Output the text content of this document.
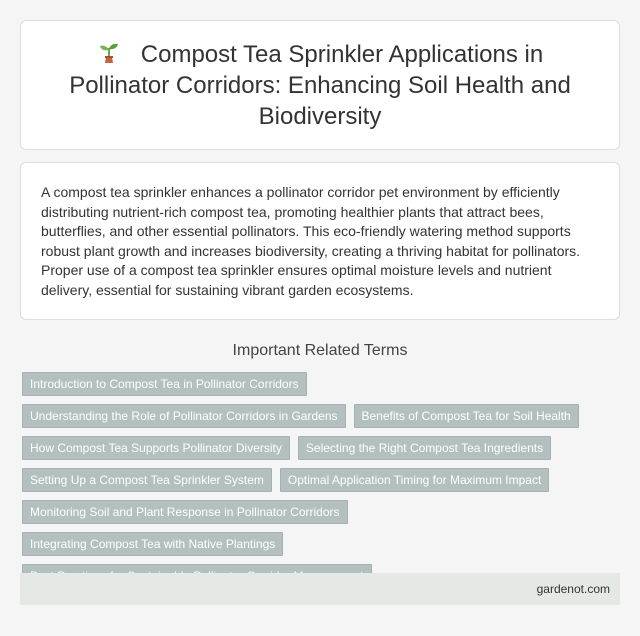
Compost Tea Sprinkler Applications in Pollinator Corridors: Enhancing Soil Health and Biodiversity

A compost tea sprinkler enhances a pollinator corridor pet environment by efficiently distributing nutrient-rich compost tea, promoting healthier plants that attract bees, butterflies, and other essential pollinators. This eco-friendly watering method supports robust plant growth and increases biodiversity, creating a thriving habitat for pollinators. Proper use of a compost tea sprinkler ensures optimal moisture levels and nutrient delivery, essential for sustaining vibrant garden ecosystems.

Important Related Terms
Introduction to Compost Tea in Pollinator Corridors
Understanding the Role of Pollinator Corridors in Gardens	Benefits of Compost Tea for Soil Health
How Compost Tea Supports Pollinator Diversity	Selecting the Right Compost Tea Ingredients
Setting Up a Compost Tea Sprinkler System	Optimal Application Timing for Maximum Impact
Monitoring Soil and Plant Response in Pollinator Corridors
Integrating Compost Tea with Native Plantings
gardenot.com
